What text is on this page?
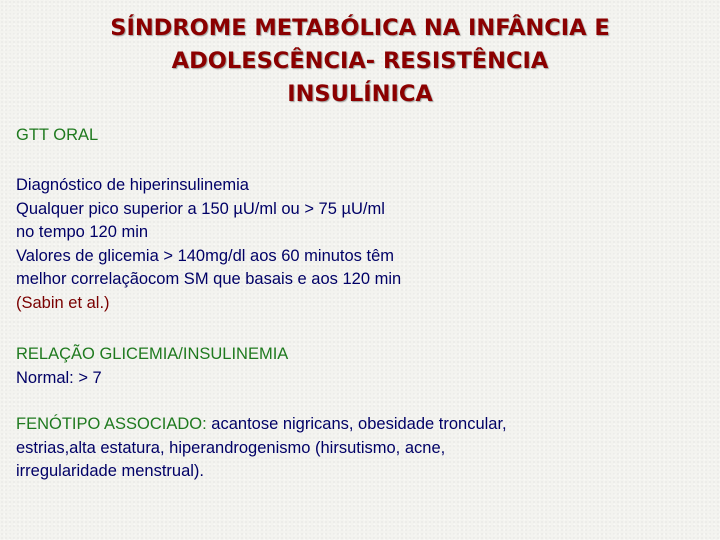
SÍNDROME METABÓLICA NA INFÂNCIA E
ADOLESCÊNCIA- RESISTÊNCIA
INSULÍNICA
GTT ORAL
Diagnóstico de hiperinsulinemia
Qualquer pico superior a 150 µU/ml ou > 75 µU/ml
no tempo 120 min
Valores de glicemia > 140mg/dl aos 60 minutos têm
melhor correlaçãocom SM que basais e aos 120 min
(Sabin et al.)
RELAÇÃO GLICEMIA/INSULINEMIA
Normal: > 7
FENÓTIPO ASSOCIADO: acantose nigricans, obesidade troncular,
estrias,alta estatura, hiperandrogenismo (hirsutismo, acne,
irregularidade menstrual).
